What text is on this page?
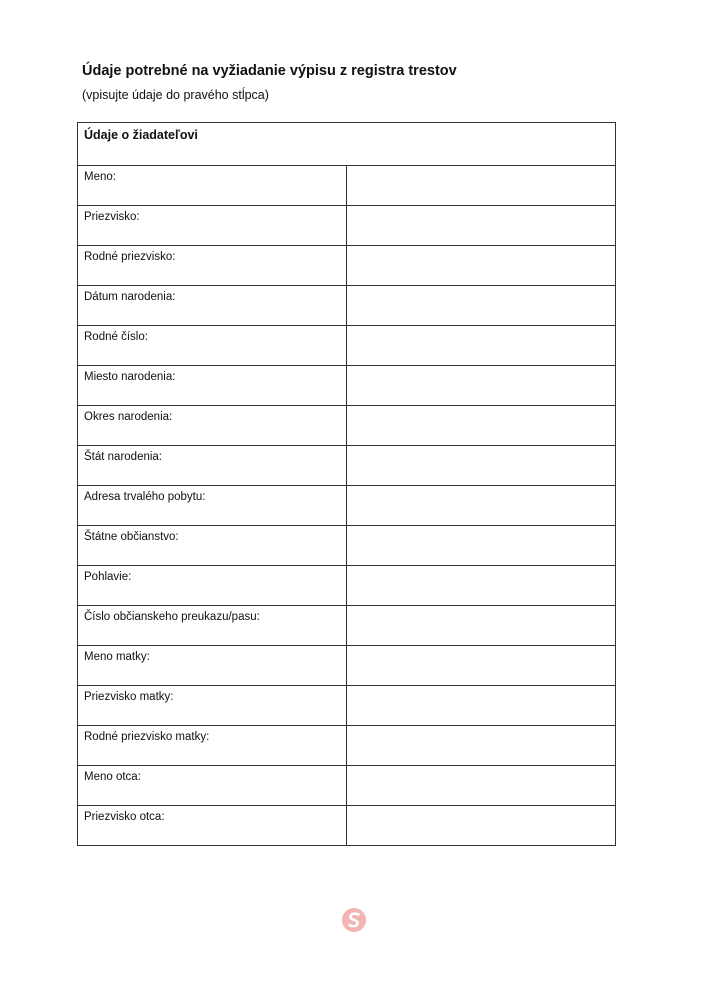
Údaje potrebné na vyžiadanie výpisu z registra trestov
(vpisujte údaje do pravého stĺpca)
Údaje o žiadateľovi	
Meno:	
Priezvisko:	
Rodné priezvisko:	
Dátum narodenia:	
Rodné číslo:	
Miesto narodenia:	
Okres narodenia:	
Štát narodenia:	
Adresa trvalého pobytu:	
Štátne občianstvo:	
Pohlavie:	
Číslo občianskeho preukazu/pasu:	
Meno matky:	
Priezvisko matky:	
Rodné priezvisko matky:	
Meno otca:	
Priezvisko otca:	
